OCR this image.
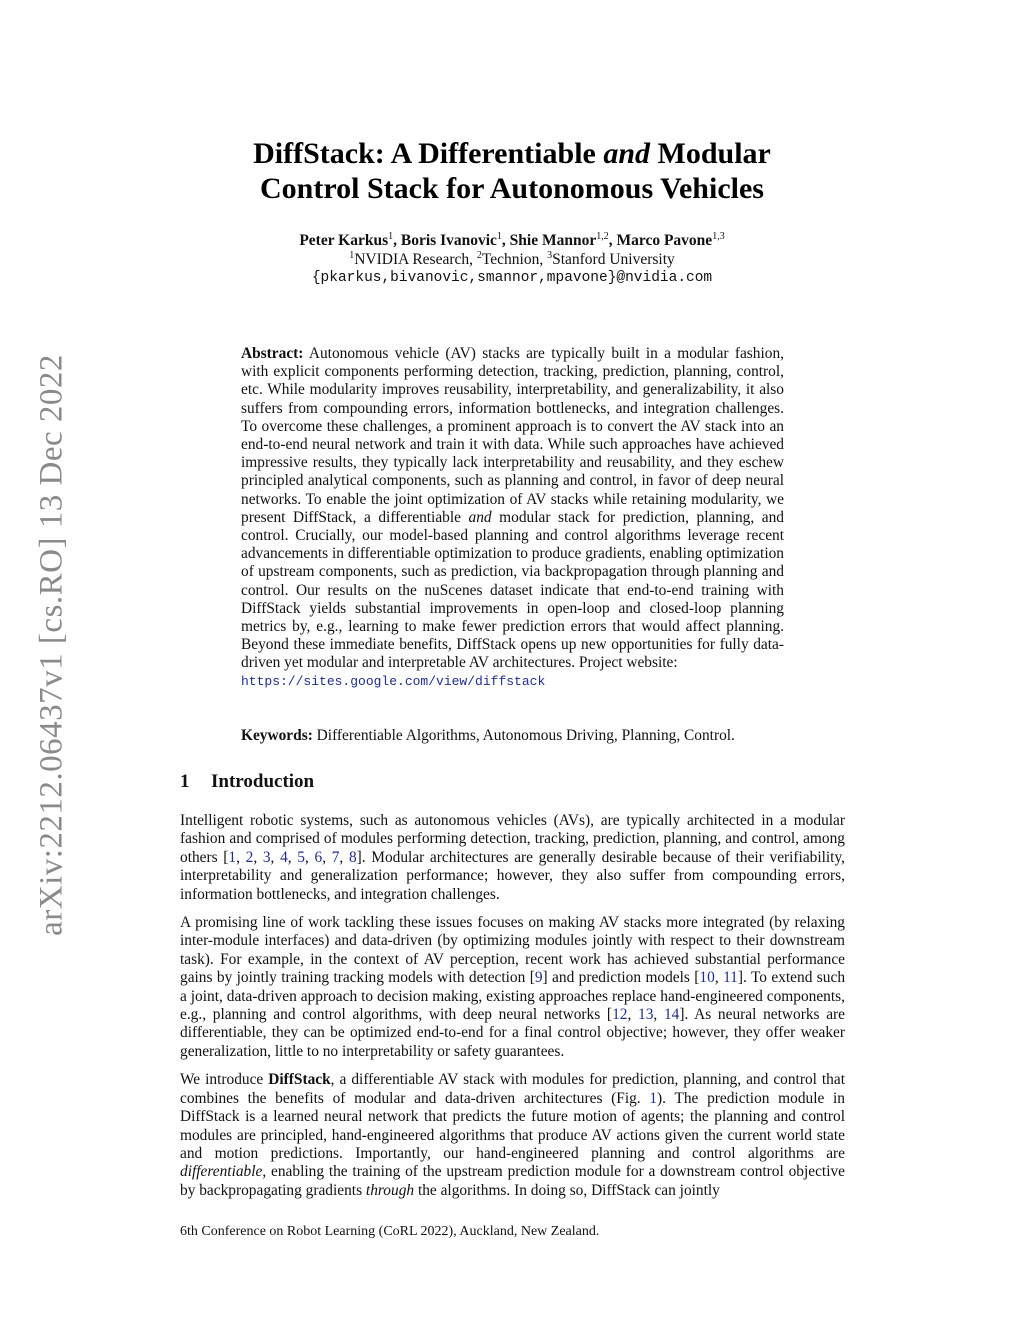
arXiv:2212.06437v1 [cs.RO] 13 Dec 2022
DiffStack: A Differentiable and Modular
Control Stack for Autonomous Vehicles
Peter Karkus$^1$, Boris Ivanovic$^1$, Shie Mannor$^{1,2}$, Marco Pavone$^{1,3}$
$^1$NVIDIA Research, $^2$Technion, $^3$Stanford University
{pkarkus,bivanovic,smannor,mpavone}@nvidia.com
Abstract: Autonomous vehicle (AV) stacks are typically built in a modular fashion, with explicit components performing detection, tracking, prediction, planning, control, etc. While modularity improves reusability, interpretability, and generalizability, it also suffers from compounding errors, information bottlenecks, and integration challenges. To overcome these challenges, a prominent approach is to convert the AV stack into an end-to-end neural network and train it with data. While such approaches have achieved impressive results, they typically lack interpretability and reusability, and they eschew principled analytical components, such as planning and control, in favor of deep neural networks. To enable the joint optimization of AV stacks while retaining modularity, we present DiffStack, a differentiable and modular stack for prediction, planning, and control. Crucially, our model-based planning and control algorithms leverage recent advancements in differentiable optimization to produce gradients, enabling optimization of upstream components, such as prediction, via backpropagation through planning and control. Our results on the nuScenes dataset indicate that end-to-end training with DiffStack yields substantial improvements in open-loop and closed-loop planning metrics by, e.g., learning to make fewer prediction errors that would affect planning. Beyond these immediate benefits, DiffStack opens up new opportunities for fully data-driven yet modular and interpretable AV architectures. Project website:
https://sites.google.com/view/diffstack
Keywords: Differentiable Algorithms, Autonomous Driving, Planning, Control.
1 Introduction

Intelligent robotic systems, such as autonomous vehicles (AVs), are typically architected in a modular fashion and comprised of modules performing detection, tracking, prediction, planning, and control, among others [1, 2, 3, 4, 5, 6, 7, 8]. Modular architectures are generally desirable because of their verifiability, interpretability and generalization performance; however, they also suffer from compounding errors, information bottlenecks, and integration challenges.

A promising line of work tackling these issues focuses on making AV stacks more integrated (by relaxing inter-module interfaces) and data-driven (by optimizing modules jointly with respect to their downstream task). For example, in the context of AV perception, recent work has achieved substantial performance gains by jointly training tracking models with detection [9] and prediction models [10, 11]. To extend such a joint, data-driven approach to decision making, existing approaches replace hand-engineered components, e.g., planning and control algorithms, with deep neural networks [12, 13, 14]. As neural networks are differentiable, they can be optimized end-to-end for a final control objective; however, they offer weaker generalization, little to no interpretability or safety guarantees.

We introduce DiffStack, a differentiable AV stack with modules for prediction, planning, and control that combines the benefits of modular and data-driven architectures (Fig. 1). The prediction module in DiffStack is a learned neural network that predicts the future motion of agents; the planning and control modules are principled, hand-engineered algorithms that produce AV actions given the current world state and motion predictions. Importantly, our hand-engineered planning and control algorithms are differentiable, enabling the training of the upstream prediction module for a downstream control objective by backpropagating gradients through the algorithms. In doing so, DiffStack can jointly

6th Conference on Robot Learning (CoRL 2022), Auckland, New Zealand.
